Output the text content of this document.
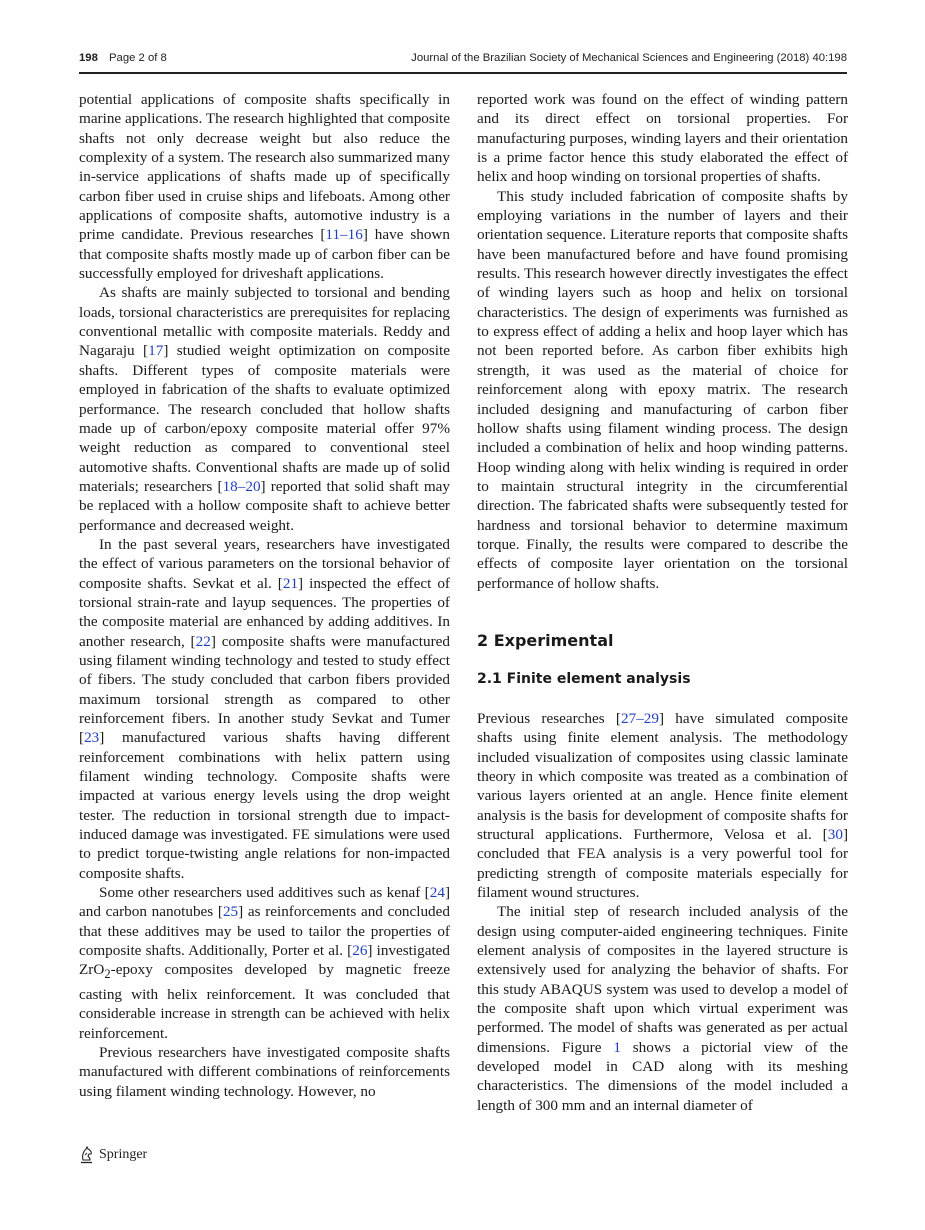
198 Page 2 of 8	Journal of the Brazilian Society of Mechanical Sciences and Engineering (2018) 40:198

potential applications of composite shafts specifically in marine applications. The research highlighted that composite shafts not only decrease weight but also reduce the complexity of a system. The research also summarized many in-service applications of shafts made up of specifically carbon fiber used in cruise ships and lifeboats. Among other applications of composite shafts, automotive industry is a prime candidate. Previous researches [11–16] have shown that composite shafts mostly made up of carbon fiber can be successfully employed for driveshaft applications.

As shafts are mainly subjected to torsional and bending loads, torsional characteristics are prerequisites for replacing conventional metallic with composite materials. Reddy and Nagaraju [17] studied weight optimization on composite shafts. Different types of composite materials were employed in fabrication of the shafts to evaluate optimized performance. The research concluded that hollow shafts made up of carbon/epoxy composite material offer 97% weight reduction as compared to conventional steel automotive shafts. Conventional shafts are made up of solid materials; researchers [18–20] reported that solid shaft may be replaced with a hollow composite shaft to achieve better performance and decreased weight.

In the past several years, researchers have investigated the effect of various parameters on the torsional behavior of composite shafts. Sevkat et al. [21] inspected the effect of torsional strain-rate and layup sequences. The properties of the composite material are enhanced by adding additives. In another research, [22] composite shafts were manufactured using filament winding technology and tested to study effect of fibers. The study concluded that carbon fibers provided maximum torsional strength as compared to other reinforcement fibers. In another study Sevkat and Tumer [23] manufactured various shafts having different reinforcement combinations with helix pattern using filament winding technology. Composite shafts were impacted at various energy levels using the drop weight tester. The reduction in torsional strength due to impact-induced damage was investigated. FE simulations were used to predict torque-twisting angle relations for non-impacted composite shafts.

Some other researchers used additives such as kenaf [24] and carbon nanotubes [25] as reinforcements and concluded that these additives may be used to tailor the properties of composite shafts. Additionally, Porter et al. [26] investigated ZrO$_2$-epoxy composites developed by magnetic freeze casting with helix reinforcement. It was concluded that considerable increase in strength can be achieved with helix reinforcement.

Previous researchers have investigated composite shafts manufactured with different combinations of reinforcements using filament winding technology. However, no

reported work was found on the effect of winding pattern and its direct effect on torsional properties. For manufacturing purposes, winding layers and their orientation is a prime factor hence this study elaborated the effect of helix and hoop winding on torsional properties of shafts.

This study included fabrication of composite shafts by employing variations in the number of layers and their orientation sequence. Literature reports that composite shafts have been manufactured before and have found promising results. This research however directly investigates the effect of winding layers such as hoop and helix on torsional characteristics. The design of experiments was furnished as to express effect of adding a helix and hoop layer which has not been reported before. As carbon fiber exhibits high strength, it was used as the material of choice for reinforcement along with epoxy matrix. The research included designing and manufacturing of carbon fiber hollow shafts using filament winding process. The design included a combination of helix and hoop winding patterns. Hoop winding along with helix winding is required in order to maintain structural integrity in the circumferential direction. The fabricated shafts were subsequently tested for hardness and torsional behavior to determine maximum torque. Finally, the results were compared to describe the effects of composite layer orientation on the torsional performance of hollow shafts.

2 Experimental
2.1 Finite element analysis

Previous researches [27–29] have simulated composite shafts using finite element analysis. The methodology included visualization of composites using classic laminate theory in which composite was treated as a combination of various layers oriented at an angle. Hence finite element analysis is the basis for development of composite shafts for structural applications. Furthermore, Velosa et al. [30] concluded that FEA analysis is a very powerful tool for predicting strength of composite materials especially for filament wound structures.

The initial step of research included analysis of the design using computer-aided engineering techniques. Finite element analysis of composites in the layered structure is extensively used for analyzing the behavior of shafts. For this study ABAQUS system was used to develop a model of the composite shaft upon which virtual experiment was performed. The model of shafts was generated as per actual dimensions. Figure 1 shows a pictorial view of the developed model in CAD along with its meshing characteristics. The dimensions of the model included a length of 300 mm and an internal diameter of

Springer
